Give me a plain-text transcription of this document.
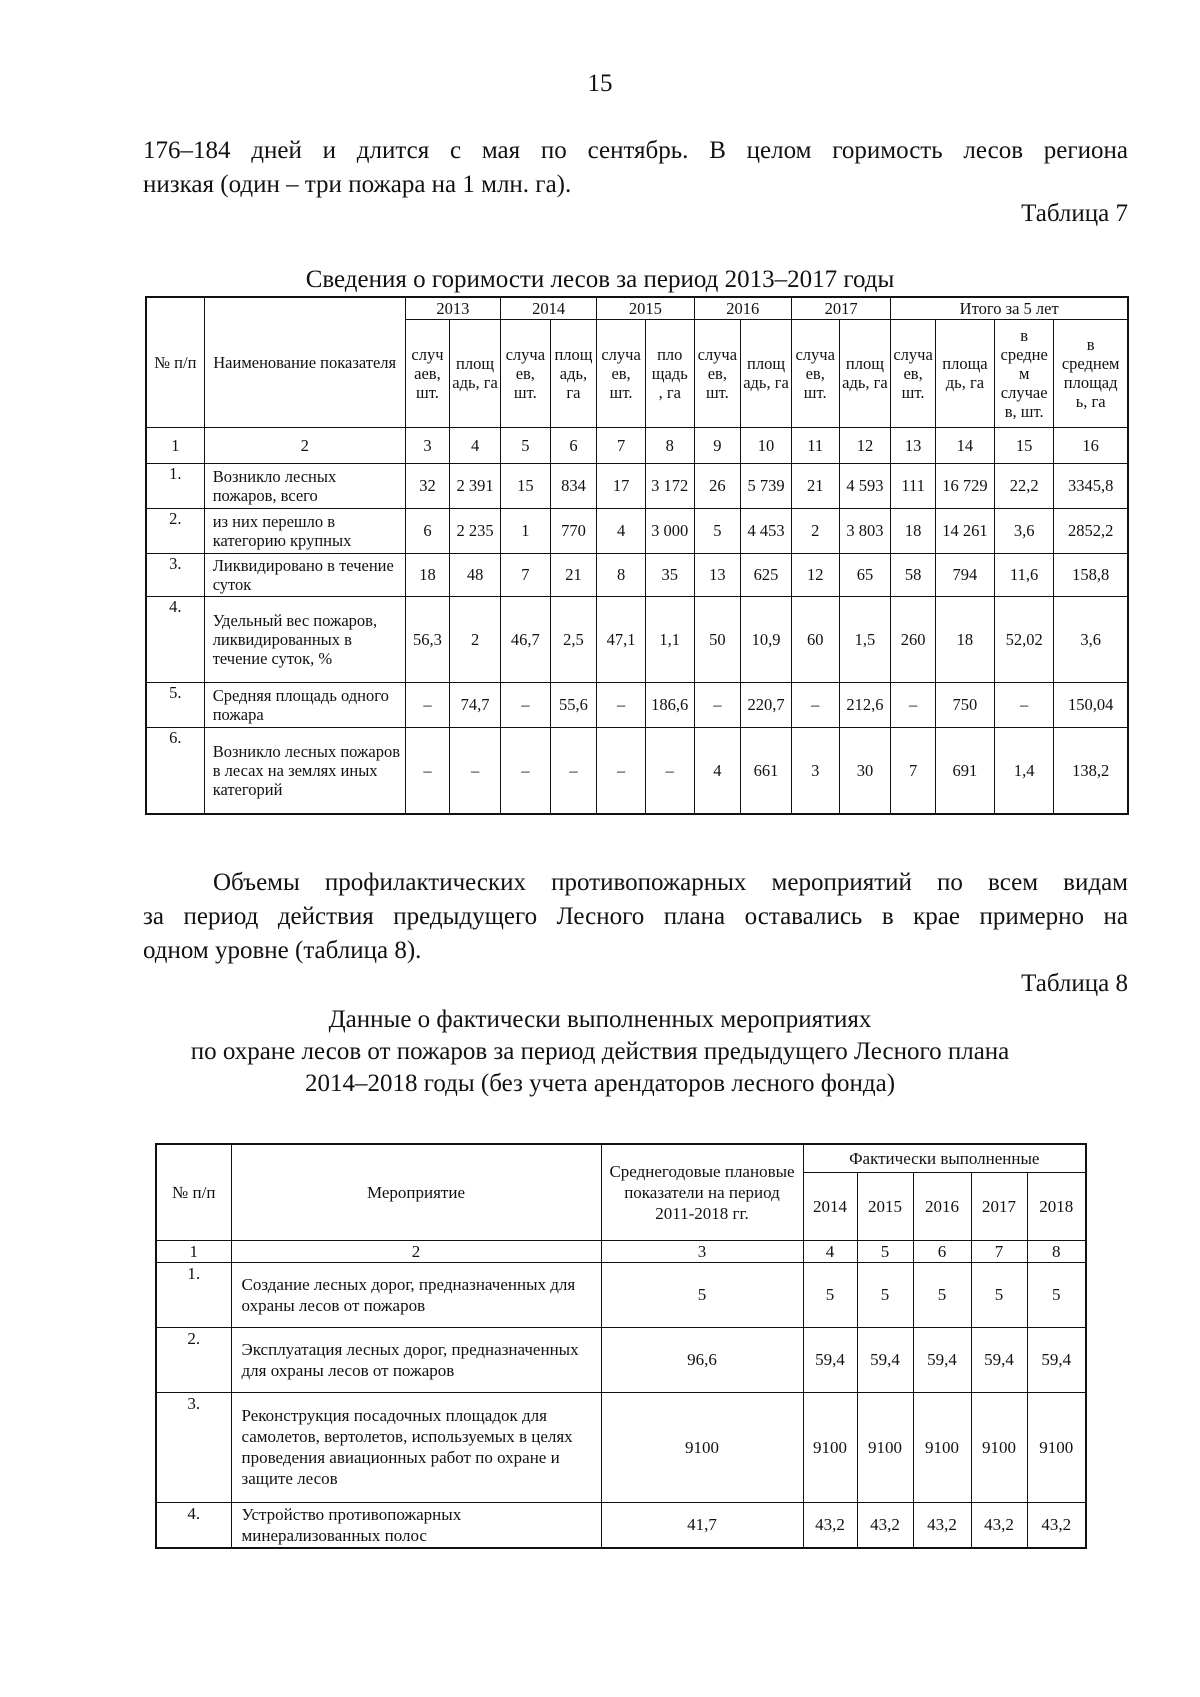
15
176–184 дней и длится с мая по сентябрь. В целом горимость лесов региона
низкая (один – три пожара на 1 млн. га).
Таблица 7
Сведения о горимости лесов за период 2013–2017 годы
№ п/п	Наименование показателя	2013		2014		2015		2016		2017		Итого за 5 лет			
		случ аев, шт.	площ адь, га	случа ев, шт.	площ адь, га	случа ев, шт.	пло щадь , га	случа ев, шт.	площ адь, га	случа ев, шт.	площ адь, га	случа ев, шт.	площа дь, га	в средне м случае в, шт.	в среднем площад ь, га
1	2	3	4	5	6	7	8	9	10	11	12	13	14	15	16
1.	Возникло лесных пожаров, всего	32	2 391	15	834	17	3 172	26	5 739	21	4 593	111	16 729	22,2	3345,8
2.	из них перешло в категорию крупных	6	2 235	1	770	4	3 000	5	4 453	2	3 803	18	14 261	3,6	2852,2
3.	Ликвидировано в течение суток	18	48	7	21	8	35	13	625	12	65	58	794	11,6	158,8
4.	Удельный вес пожаров, ликвидированных в течение суток, %	56,3	2	46,7	2,5	47,1	1,1	50	10,9	60	1,5	260	18	52,02	3,6
5.	Средняя площадь одного пожара	–	74,7	–	55,6	–	186,6	–	220,7	–	212,6	–	750	–	150,04
6.	Возникло лесных пожаров в лесах на землях иных категорий	–	–	–	–	–	–	4	661	3	30	7	691	1,4	138,2
Объемы профилактических противопожарных мероприятий по всем видам
за период действия предыдущего Лесного плана оставались в крае примерно на
одном уровне (таблица 8).
Таблица 8
Данные о фактически выполненных мероприятиях
по охране лесов от пожаров за период действия предыдущего Лесного плана
2014–2018 годы (без учета арендаторов лесного фонда)
№ п/п	Мероприятие	Среднегодовые плановые показатели на период 2011-2018 гг.	Фактически выполненные				
			2014	2015	2016	2017	2018
1	2	3	4	5	6	7	8
1.	Создание лесных дорог, предназначенных для охраны лесов от пожаров	5	5	5	5	5	5
2.	Эксплуатация лесных дорог, предназначенных для охраны лесов от пожаров	96,6	59,4	59,4	59,4	59,4	59,4
3.	Реконструкция посадочных площадок для самолетов, вертолетов, используемых в целях проведения авиационных работ по охране и защите лесов	9100	9100	9100	9100	9100	9100
4.	Устройство противопожарных минерализованных полос	41,7	43,2	43,2	43,2	43,2	43,2
